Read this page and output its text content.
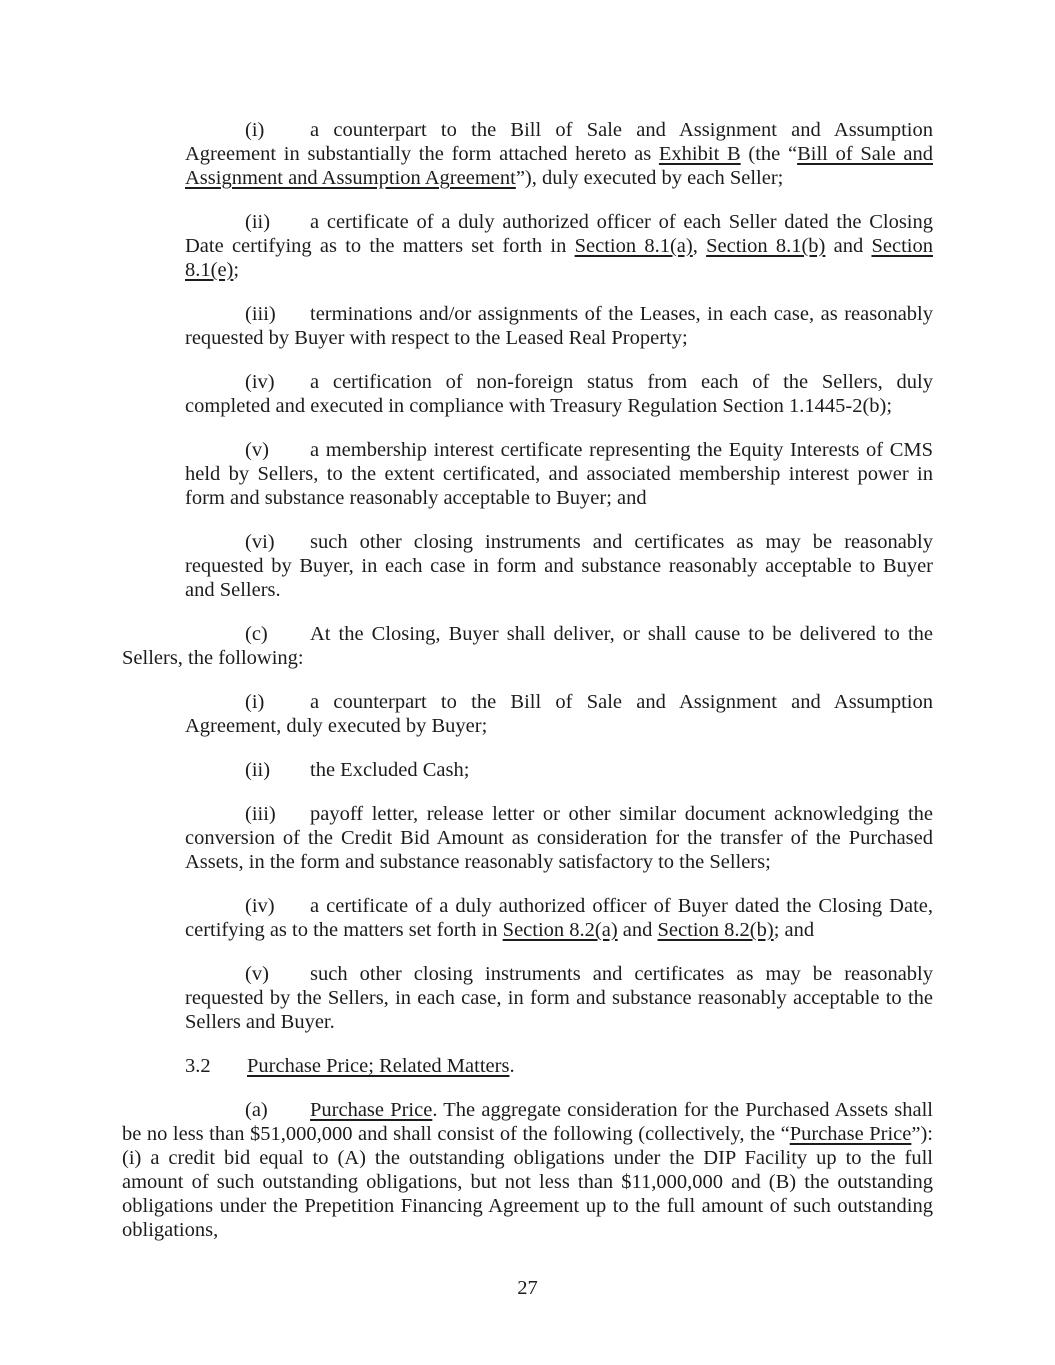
(i) a counterpart to the Bill of Sale and Assignment and Assumption Agreement in substantially the form attached hereto as Exhibit B (the “Bill of Sale and Assignment and Assumption Agreement”), duly executed by each Seller;

(ii) a certificate of a duly authorized officer of each Seller dated the Closing Date certifying as to the matters set forth in Section 8.1(a), Section 8.1(b) and Section 8.1(e);

(iii) terminations and/or assignments of the Leases, in each case, as reasonably requested by Buyer with respect to the Leased Real Property;

(iv) a certification of non-foreign status from each of the Sellers, duly completed and executed in compliance with Treasury Regulation Section 1.1445-2(b);

(v) a membership interest certificate representing the Equity Interests of CMS held by Sellers, to the extent certificated, and associated membership interest power in form and substance reasonably acceptable to Buyer; and

(vi) such other closing instruments and certificates as may be reasonably requested by Buyer, in each case in form and substance reasonably acceptable to Buyer and Sellers.

(c) At the Closing, Buyer shall deliver, or shall cause to be delivered to the Sellers, the following:

(i) a counterpart to the Bill of Sale and Assignment and Assumption Agreement, duly executed by Buyer;

(ii) the Excluded Cash;

(iii) payoff letter, release letter or other similar document acknowledging the conversion of the Credit Bid Amount as consideration for the transfer of the Purchased Assets, in the form and substance reasonably satisfactory to the Sellers;

(iv) a certificate of a duly authorized officer of Buyer dated the Closing Date, certifying as to the matters set forth in Section 8.2(a) and Section 8.2(b); and

(v) such other closing instruments and certificates as may be reasonably requested by the Sellers, in each case, in form and substance reasonably acceptable to the Sellers and Buyer.

3.2 Purchase Price; Related Matters.

(a) Purchase Price. The aggregate consideration for the Purchased Assets shall be no less than $51,000,000 and shall consist of the following (collectively, the “Purchase Price”): (i) a credit bid equal to (A) the outstanding obligations under the DIP Facility up to the full amount of such outstanding obligations, but not less than $11,000,000 and (B) the outstanding obligations under the Prepetition Financing Agreement up to the full amount of such outstanding obligations,

27
